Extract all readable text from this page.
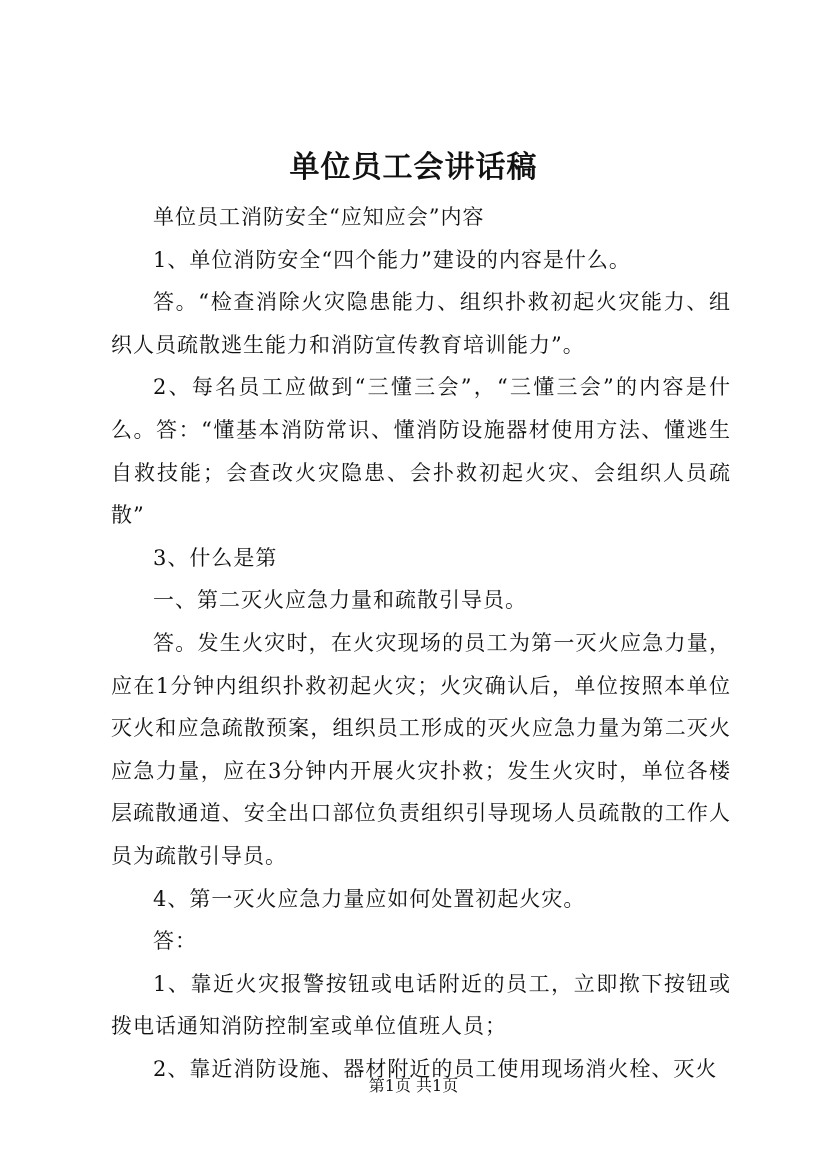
单位员工会讲话稿

单位员工消防安全“应知应会”内容

1、单位消防安全“四个能力”建设的内容是什么。

答。“检查消除火灾隐患能力、组织扑救初起火灾能力、组织人员疏散逃生能力和消防宣传教育培训能力”。

2、每名员工应做到“三懂三会”，“三懂三会”的内容是什么。答：“懂基本消防常识、懂消防设施器材使用方法、懂逃生自救技能；会查改火灾隐患、会扑救初起火灾、会组织人员疏散”

3、什么是第

一、第二灭火应急力量和疏散引导员。

答。发生火灾时，在火灾现场的员工为第一灭火应急力量，应在1分钟内组织扑救初起火灾；火灾确认后，单位按照本单位灭火和应急疏散预案，组织员工形成的灭火应急力量为第二灭火应急力量，应在3分钟内开展火灾扑救；发生火灾时，单位各楼层疏散通道、安全出口部位负责组织引导现场人员疏散的工作人员为疏散引导员。

4、第一灭火应急力量应如何处置初起火灾。

答：

1、靠近火灾报警按钮或电话附近的员工，立即揿下按钮或拨电话通知消防控制室或单位值班人员；

2、靠近消防设施、器材附近的员工使用现场消火栓、灭火

第1页 共1页
